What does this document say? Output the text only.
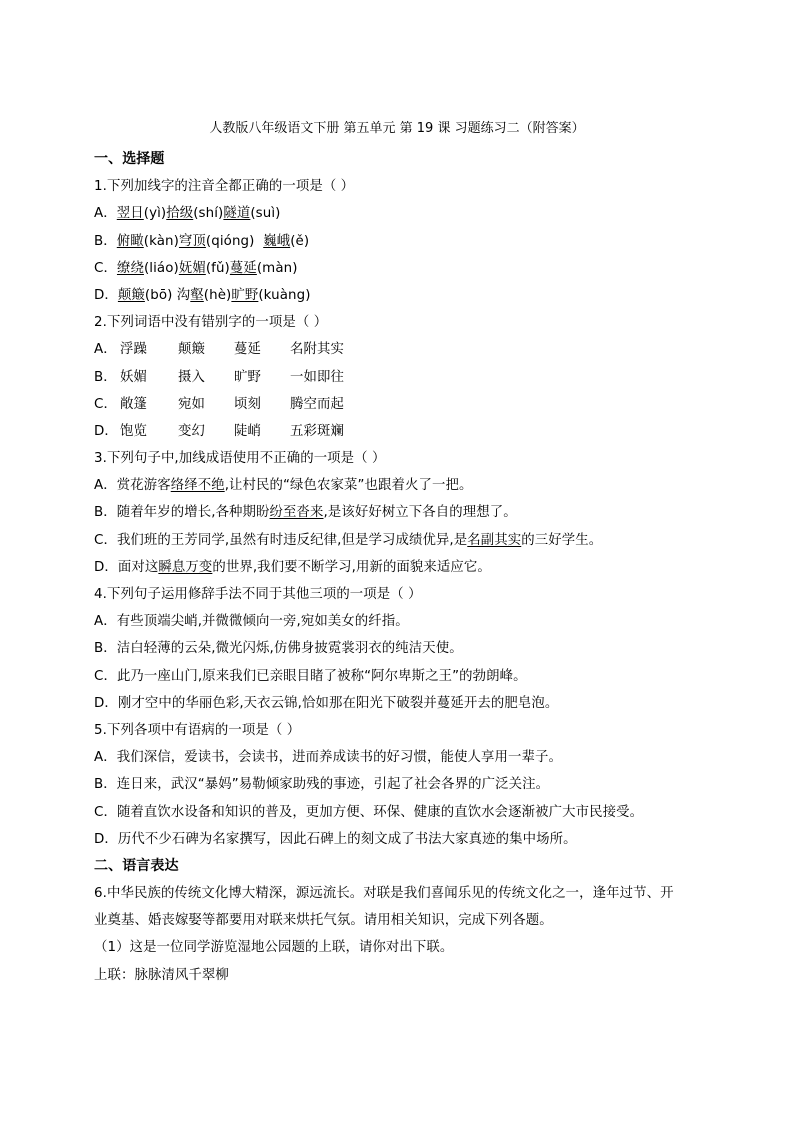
人教版八年级语文下册 第五单元 第 19 课 习题练习二（附答案）
一、选择题
1.下列加线字的注音全都正确的一项是（ ）
A．翌日(yì)拾级(shí)隧道(suì)
B．俯瞰(kàn)穹顶(qióng) 巍峨(ě)
C．缭绕(liáo)妩媚(fǔ)蔓延(màn)
D．颠簸(bō) 沟壑(hè)旷野(kuàng)
2.下列词语中没有错别字的一项是（ ）
A． 浮躁 颠簸 蔓延 名附其实
B． 妖媚 摄入 旷野 一如即往
C． 敞篷 宛如 顷刻 腾空而起
D． 饱览 变幻 陡峭 五彩斑斓
3.下列句子中,加线成语使用不正确的一项是（ ）
A．赏花游客络绎不绝,让村民的“绿色农家菜”也跟着火了一把。
B．随着年岁的增长,各种期盼纷至沓来,是该好好树立下各自的理想了。
C．我们班的王芳同学,虽然有时违反纪律,但是学习成绩优异,是名副其实的三好学生。
D．面对这瞬息万变的世界,我们要不断学习,用新的面貌来适应它。
4.下列句子运用修辞手法不同于其他三项的一项是（ ）
A．有些顶端尖峭,并微微倾向一旁,宛如美女的纤指。
B．洁白轻薄的云朵,微光闪烁,仿佛身披霓裳羽衣的纯洁天使。
C．此乃一座山门,原来我们已亲眼目睹了被称“阿尔卑斯之王”的勃朗峰。
D．刚才空中的华丽色彩,天衣云锦,恰如那在阳光下破裂并蔓延开去的肥皂泡。
5.下列各项中有语病的一项是（ ）
A．我们深信，爱读书，会读书，进而养成读书的好习惯，能使人享用一辈子。
B．连日来，武汉“暴妈”易勒倾家助残的事迹，引起了社会各界的广泛关注。
C．随着直饮水设备和知识的普及，更加方便、环保、健康的直饮水会逐渐被广大市民接受。
D．历代不少石碑为名家撰写，因此石碑上的刻文成了书法大家真迹的集中场所。
二、语言表达
6.中华民族的传统文化博大精深，源远流长。对联是我们喜闻乐见的传统文化之一，逢年过节、开
业奠基、婚丧嫁娶等都要用对联来烘托气氛。请用相关知识，完成下列各题。
（1）这是一位同学游览湿地公园题的上联，请你对出下联。
上联：脉脉清风千翠柳
